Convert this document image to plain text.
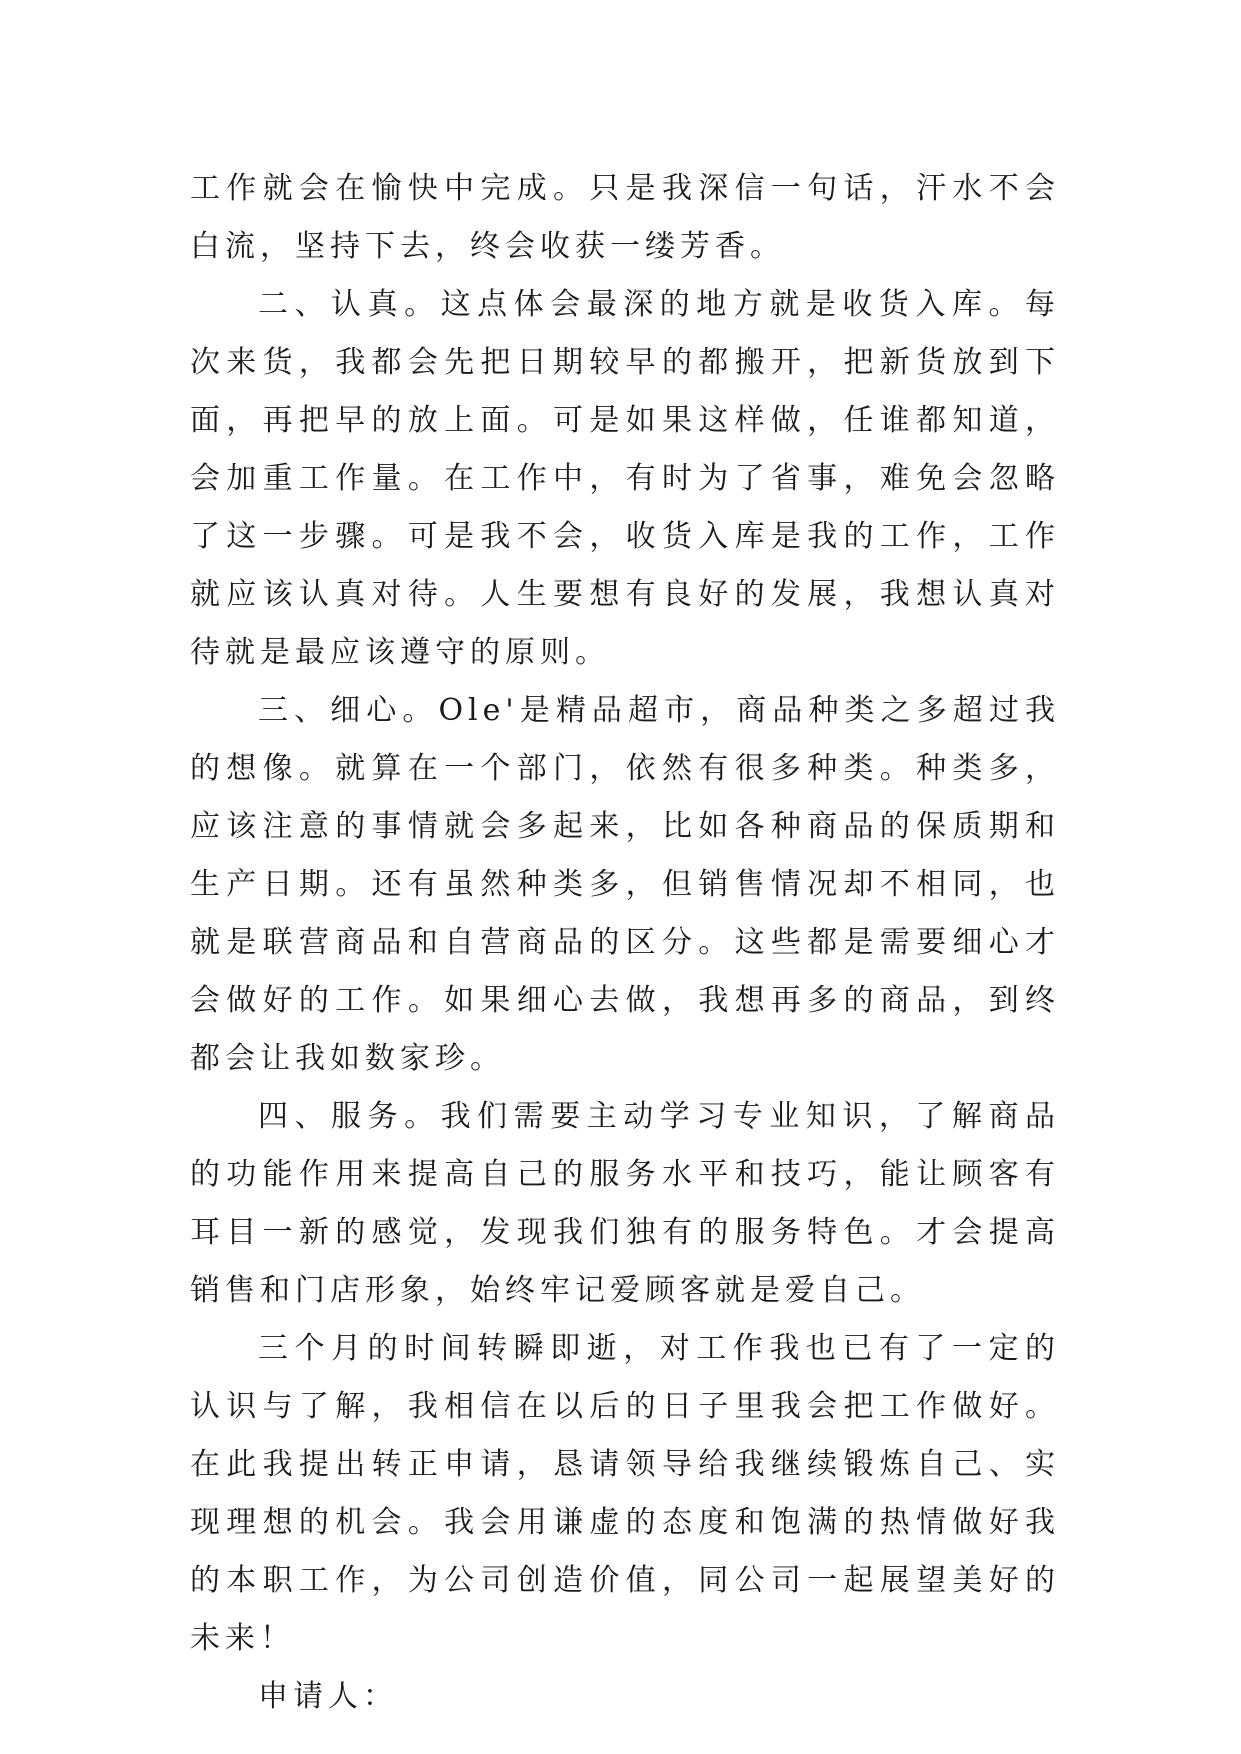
工作就会在愉快中完成。只是我深信一句话，汗水不会白流，坚持下去，终会收获一缕芳香。

二、认真。这点体会最深的地方就是收货入库。每次来货，我都会先把日期较早的都搬开，把新货放到下面，再把早的放上面。可是如果这样做，任谁都知道，会加重工作量。在工作中，有时为了省事，难免会忽略了这一步骤。可是我不会，收货入库是我的工作，工作就应该认真对待。人生要想有良好的发展，我想认真对待就是最应该遵守的原则。

三、细心。Ole'是精品超市，商品种类之多超过我的想像。就算在一个部门，依然有很多种类。种类多，应该注意的事情就会多起来，比如各种商品的保质期和生产日期。还有虽然种类多，但销售情况却不相同，也就是联营商品和自营商品的区分。这些都是需要细心才会做好的工作。如果细心去做，我想再多的商品，到终都会让我如数家珍。

四、服务。我们需要主动学习专业知识，了解商品的功能作用来提高自己的服务水平和技巧，能让顾客有耳目一新的感觉，发现我们独有的服务特色。才会提高销售和门店形象，始终牢记爱顾客就是爱自己。

三个月的时间转瞬即逝，对工作我也已有了一定的认识与了解，我相信在以后的日子里我会把工作做好。在此我提出转正申请，恳请领导给我继续锻炼自己、实现理想的机会。我会用谦虚的态度和饱满的热情做好我的本职工作，为公司创造价值，同公司一起展望美好的未来！

申请人：
